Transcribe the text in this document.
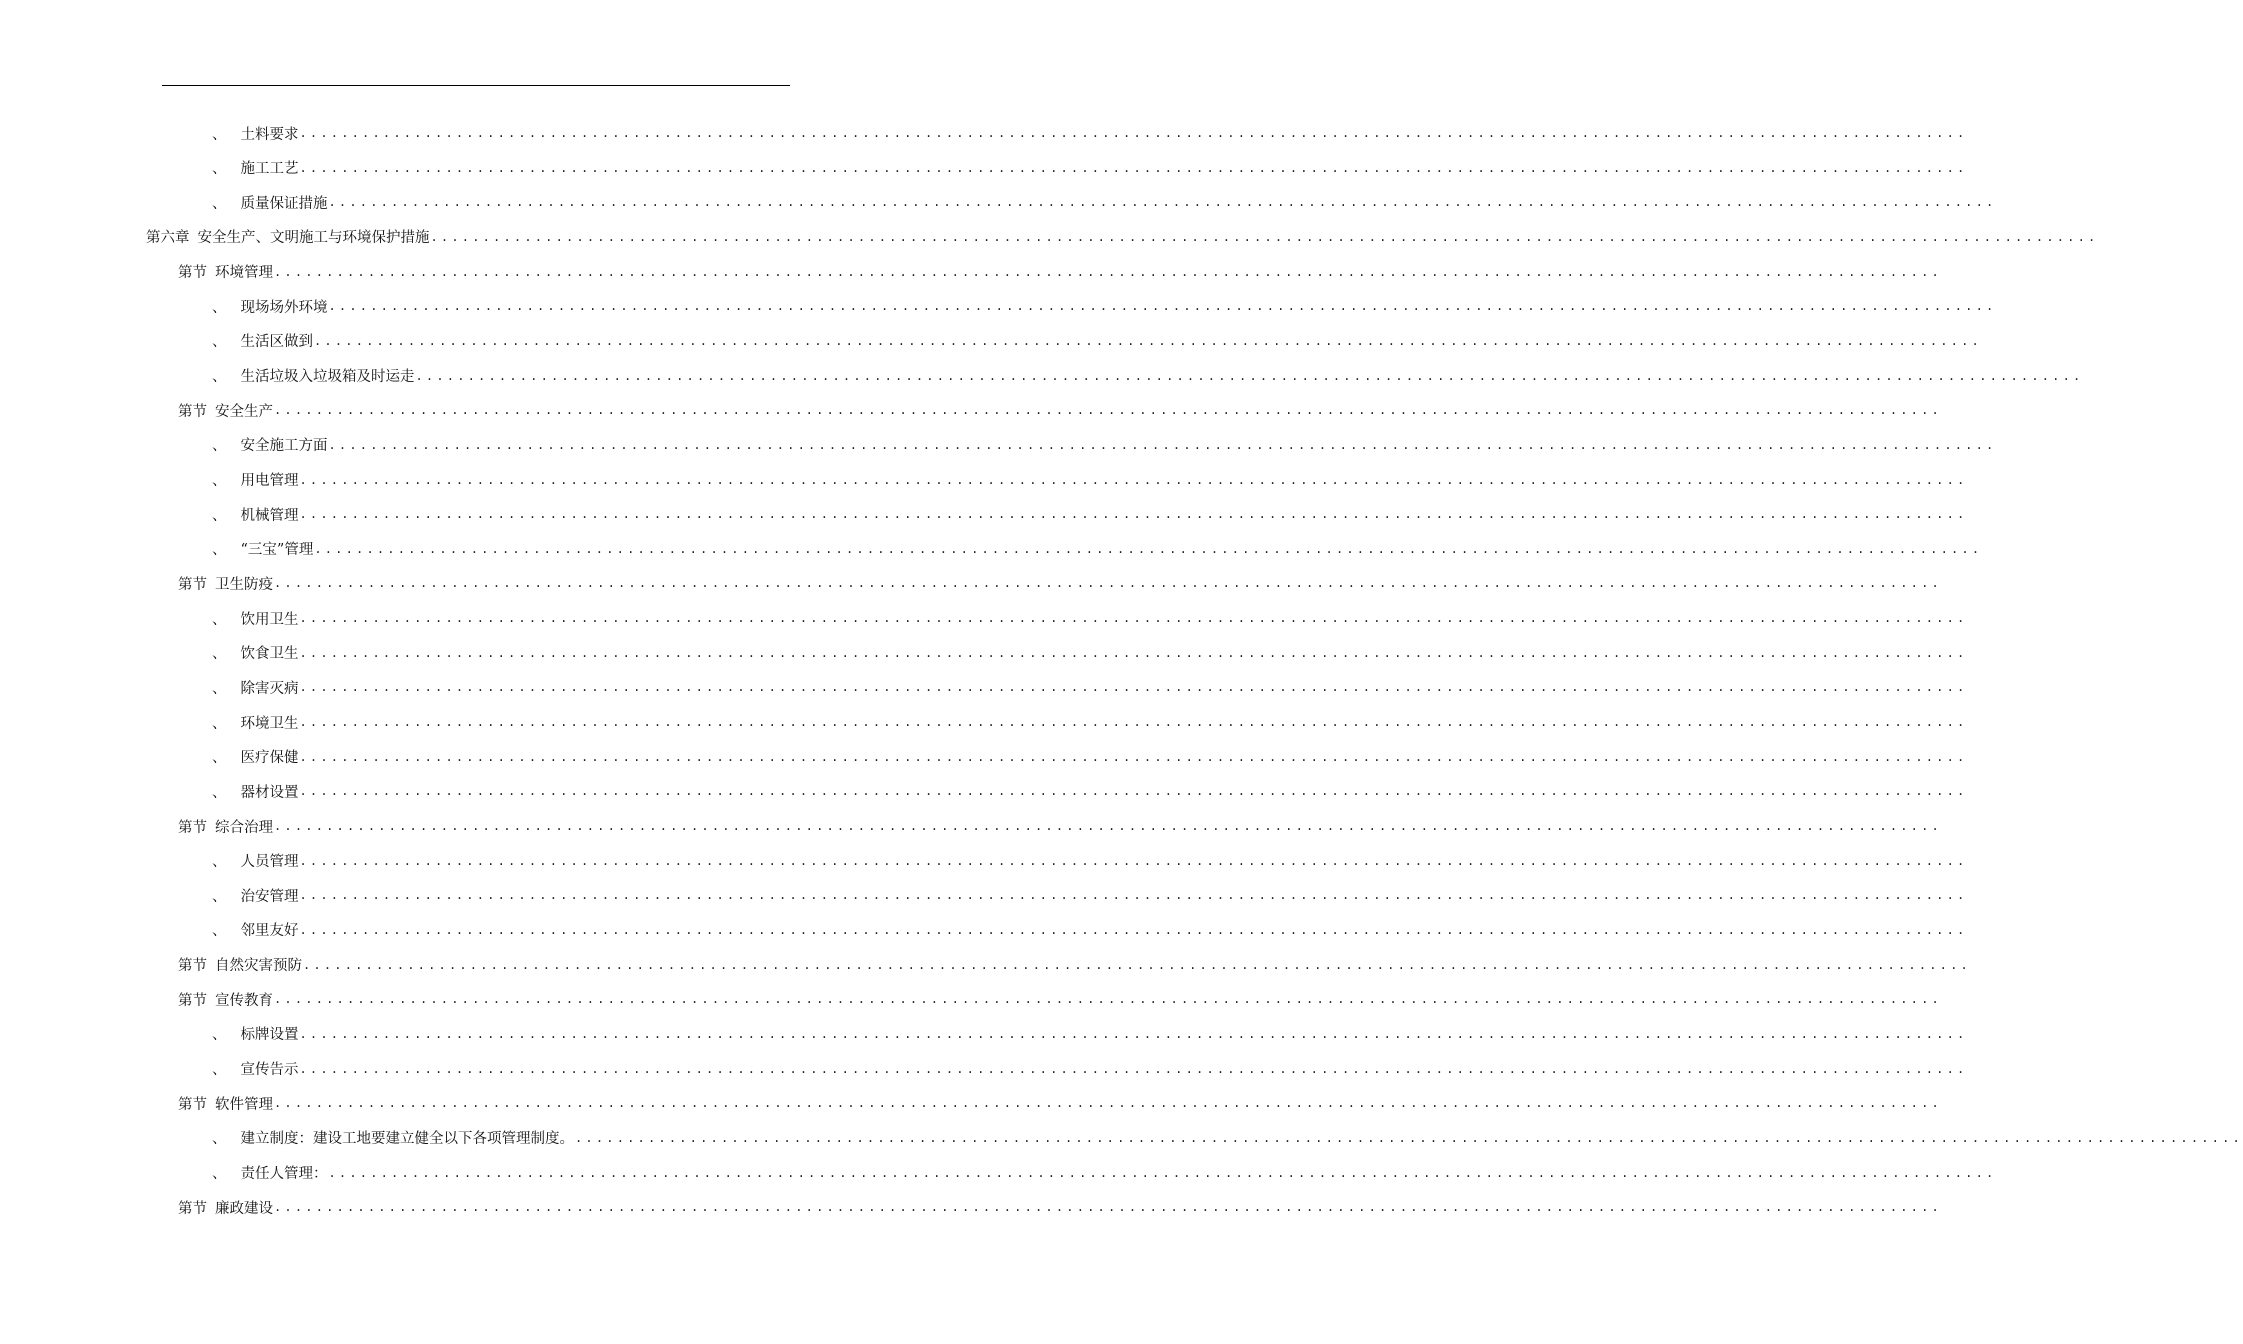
、 土料要求 ................................................................................................................................................................
、 施工工艺 ................................................................................................................................................................
、 质量保证措施 ................................................................................................................................................................
第六章 安全生产、文明施工与环境保护措施 ................................................................................................................................................................
第节 环境管理 ................................................................................................................................................................
、 现场场外环境 ................................................................................................................................................................
、 生活区做到 ................................................................................................................................................................
、 生活垃圾入垃圾箱及时运走 ................................................................................................................................................................
第节 安全生产 ................................................................................................................................................................
、 安全施工方面 ................................................................................................................................................................
、 用电管理 ................................................................................................................................................................
、 机械管理 ................................................................................................................................................................
、 “三宝”管理 ................................................................................................................................................................
第节 卫生防疫 ................................................................................................................................................................
、 饮用卫生 ................................................................................................................................................................
、 饮食卫生 ................................................................................................................................................................
、 除害灭病 ................................................................................................................................................................
、 环境卫生 ................................................................................................................................................................
、 医疗保健 ................................................................................................................................................................
、 器材设置 ................................................................................................................................................................
第节 综合治理 ................................................................................................................................................................
、 人员管理 ................................................................................................................................................................
、 治安管理 ................................................................................................................................................................
、 邻里友好 ................................................................................................................................................................
第节 自然灾害预防 ................................................................................................................................................................
第节 宣传教育 ................................................................................................................................................................
、 标牌设置 ................................................................................................................................................................
、 宣传告示 ................................................................................................................................................................
第节 软件管理 ................................................................................................................................................................
、 建立制度：建设工地要建立健全以下各项管理制度。 ................................................................................................................................................................
、 责任人管理： ................................................................................................................................................................
第节 廉政建设 ................................................................................................................................................................
